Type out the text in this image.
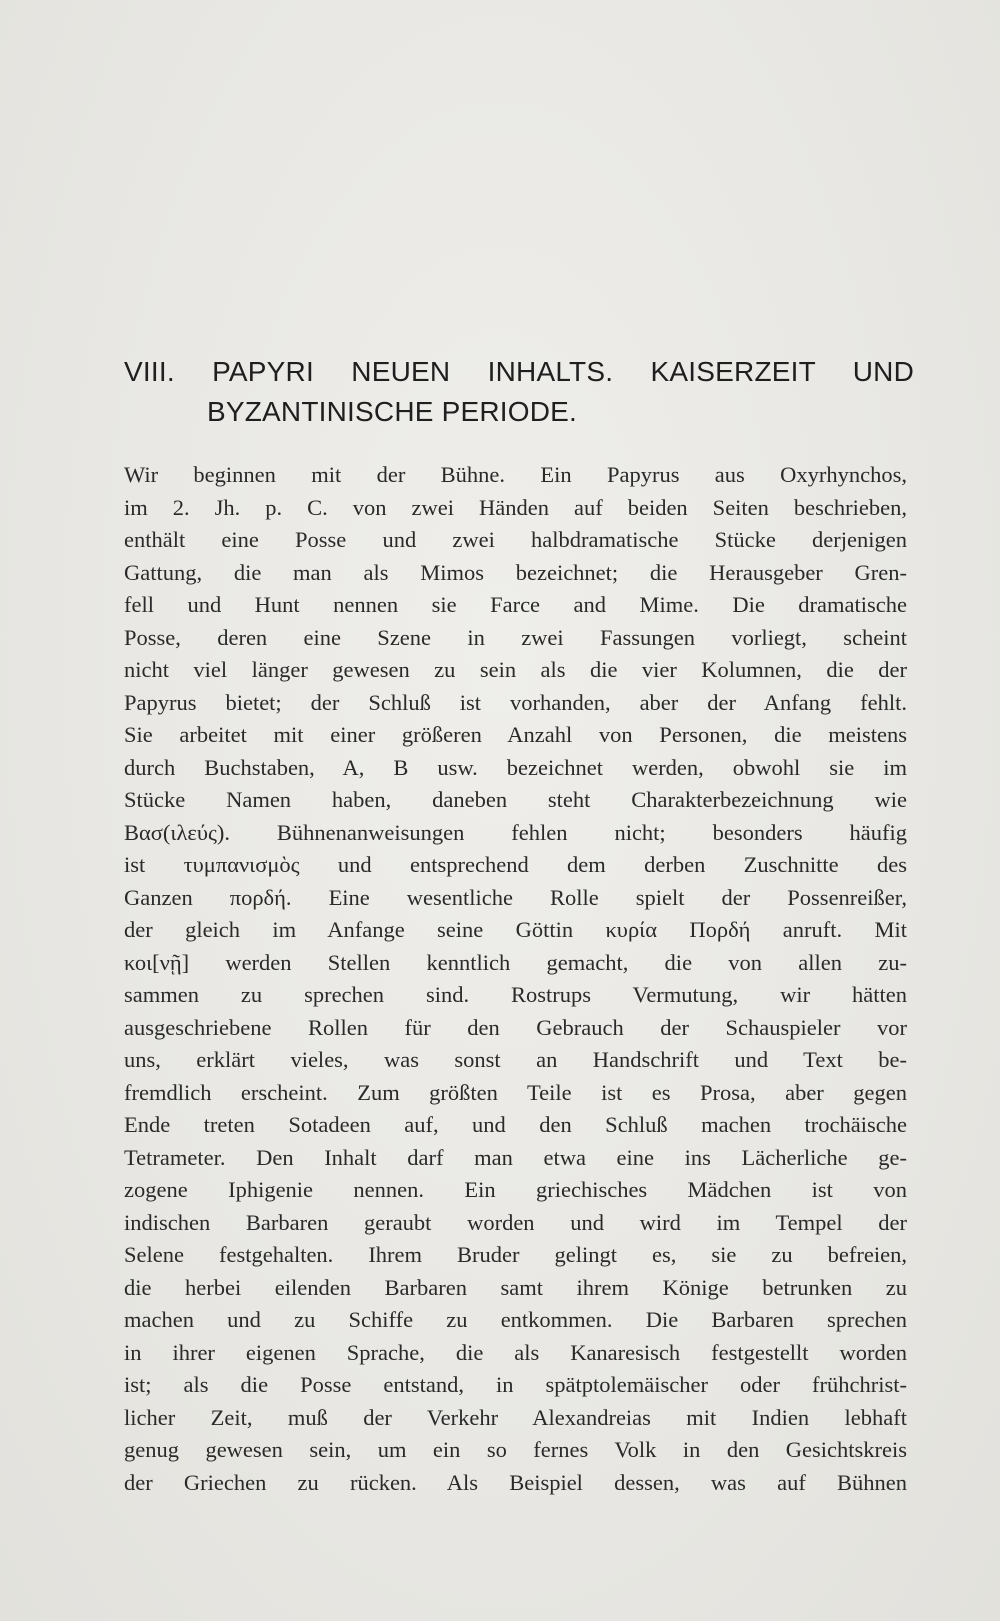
VIII. PAPYRI NEUEN INHALTS. KAISERZEIT UND
BYZANTINISCHE PERIODE.
Wir beginnen mit der Bühne. Ein Papyrus aus Oxyrhynchos,
im 2. Jh. p. C. von zwei Händen auf beiden Seiten beschrieben,
enthält eine Posse und zwei halbdramatische Stücke derjenigen
Gattung, die man als Mimos bezeichnet; die Herausgeber Gren-
fell und Hunt nennen sie Farce and Mime. Die dramatische
Posse, deren eine Szene in zwei Fassungen vorliegt, scheint
nicht viel länger gewesen zu sein als die vier Kolumnen, die der
Papyrus bietet; der Schluß ist vorhanden, aber der Anfang fehlt.
Sie arbeitet mit einer größeren Anzahl von Personen, die meistens
durch Buchstaben, A, B usw. bezeichnet werden, obwohl sie im
Stücke Namen haben, daneben steht Charakterbezeichnung wie
Βασ(ιλεύς). Bühnenanweisungen fehlen nicht; besonders häufig
ist τυμπανισμὸς und entsprechend dem derben Zuschnitte des
Ganzen πορδή. Eine wesentliche Rolle spielt der Possenreißer,
der gleich im Anfange seine Göttin κυρία Πορδή anruft. Mit
κοι[νῇ] werden Stellen kenntlich gemacht, die von allen zu-
sammen zu sprechen sind. Rostrups Vermutung, wir hätten
ausgeschriebene Rollen für den Gebrauch der Schauspieler vor
uns, erklärt vieles, was sonst an Handschrift und Text be-
fremdlich erscheint. Zum größten Teile ist es Prosa, aber gegen
Ende treten Sotadeen auf, und den Schluß machen trochäische
Tetrameter. Den Inhalt darf man etwa eine ins Lächerliche ge-
zogene Iphigenie nennen. Ein griechisches Mädchen ist von
indischen Barbaren geraubt worden und wird im Tempel der
Selene festgehalten. Ihrem Bruder gelingt es, sie zu befreien,
die herbei eilenden Barbaren samt ihrem Könige betrunken zu
machen und zu Schiffe zu entkommen. Die Barbaren sprechen
in ihrer eigenen Sprache, die als Kanaresisch festgestellt worden
ist; als die Posse entstand, in spätptolemäischer oder frühchrist-
licher Zeit, muß der Verkehr Alexandreias mit Indien lebhaft
genug gewesen sein, um ein so fernes Volk in den Gesichtskreis
der Griechen zu rücken. Als Beispiel dessen, was auf Bühnen
